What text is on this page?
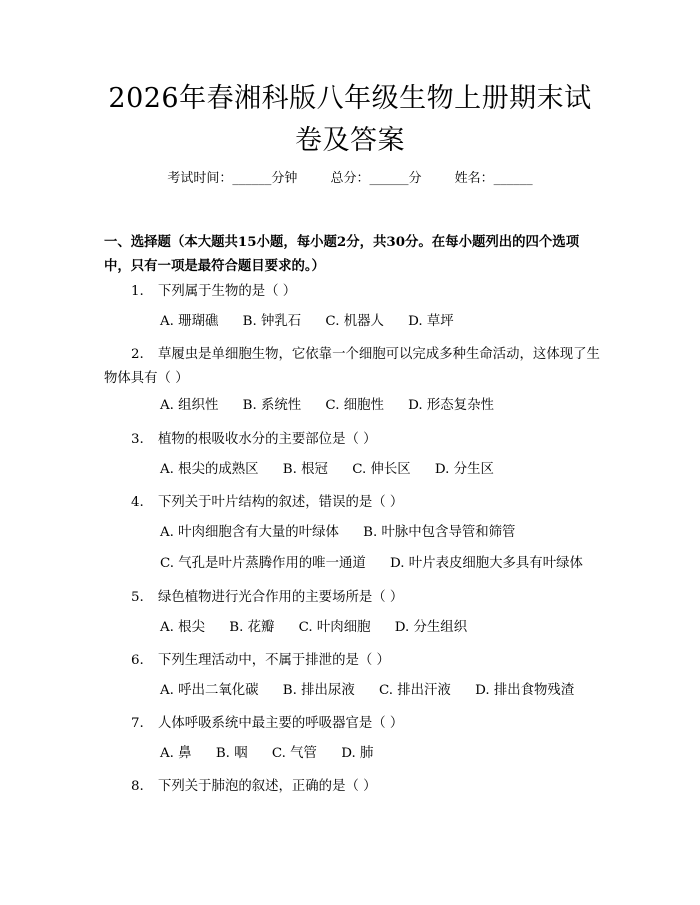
2026年春湘科版八年级生物上册期末试卷及答案
考试时间：______分钟	总分：______分	姓名：______
一、选择题（本大题共15小题，每小题2分，共30分。在每小题列出的四个选项中，只有一项是最符合题目要求的。）
1. 下列属于生物的是（ ）
A. 珊瑚礁 B. 钟乳石 C. 机器人 D. 草坪
2. 草履虫是单细胞生物，它依靠一个细胞可以完成多种生命活动，这体现了生物体具有（ ）
A. 组织性 B. 系统性 C. 细胞性 D. 形态复杂性
3. 植物的根吸收水分的主要部位是（ ）
A. 根尖的成熟区 B. 根冠 C. 伸长区 D. 分生区
4. 下列关于叶片结构的叙述，错误的是（ ）
A. 叶肉细胞含有大量的叶绿体 B. 叶脉中包含导管和筛管
C. 气孔是叶片蒸腾作用的唯一通道 D. 叶片表皮细胞大多具有叶绿体
5. 绿色植物进行光合作用的主要场所是（ ）
A. 根尖 B. 花瓣 C. 叶肉细胞 D. 分生组织
6. 下列生理活动中，不属于排泄的是（ ）
A. 呼出二氧化碳 B. 排出尿液 C. 排出汗液 D. 排出食物残渣
7. 人体呼吸系统中最主要的呼吸器官是（ ）
A. 鼻 B. 咽 C. 气管 D. 肺
8. 下列关于肺泡的叙述，正确的是（ ）
